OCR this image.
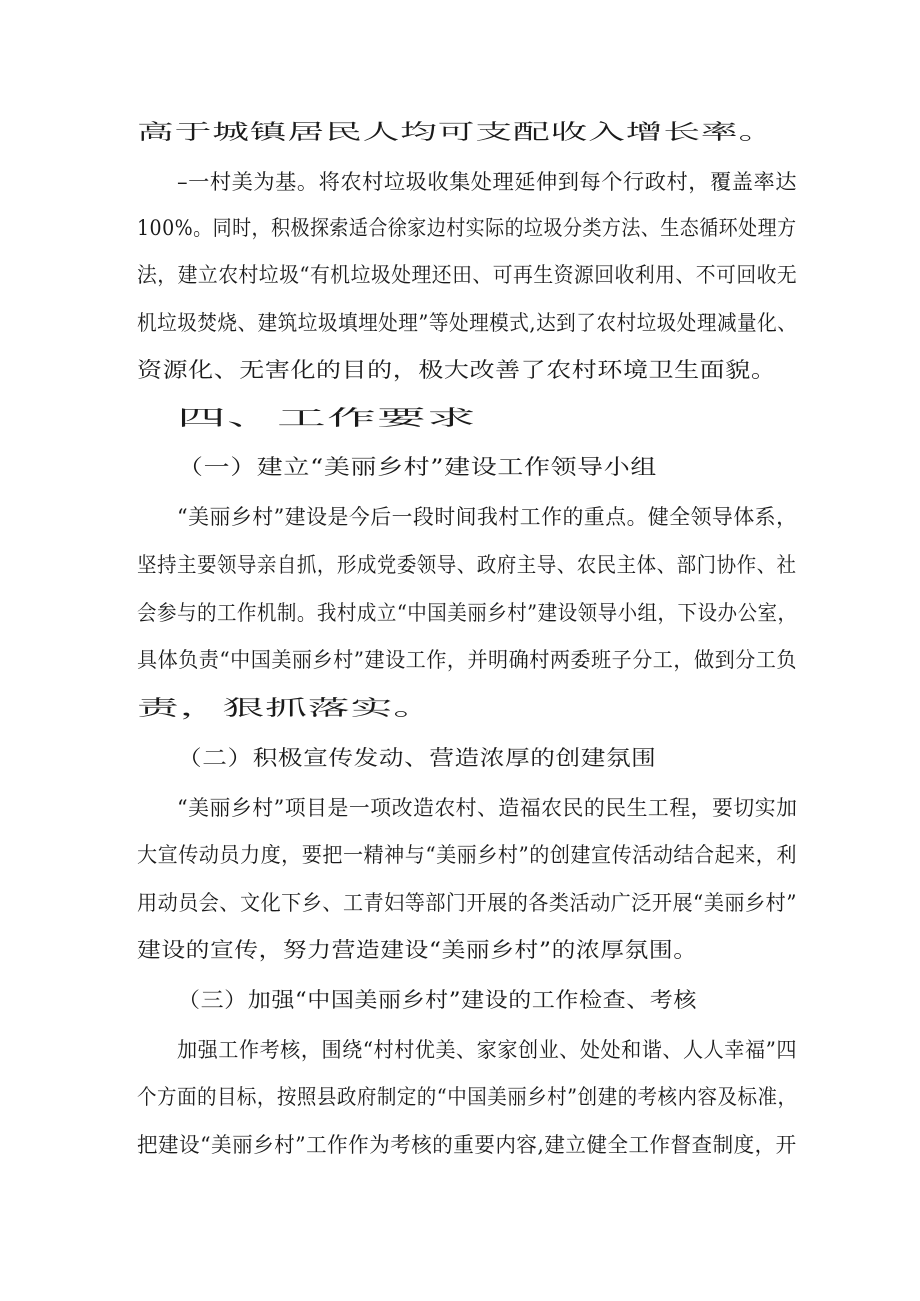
高于城镇居民人均可支配收入增长率。
–一村美为基。将农村垃圾收集处理延伸到每个行政村，覆盖率达
100%。同时，积极探索适合徐家边村实际的垃圾分类方法、生态循环处理方
法，建立农村垃圾“有机垃圾处理还田、可再生资源回收利用、不可回收无
机垃圾焚烧、建筑垃圾填埋处理”等处理模式,达到了农村垃圾处理减量化、
资源化、无害化的目的，极大改善了农村环境卫生面貌。
四、工作要求
（一）建立“美丽乡村”建设工作领导小组
“美丽乡村”建设是今后一段时间我村工作的重点。健全领导体系，
坚持主要领导亲自抓，形成党委领导、政府主导、农民主体、部门协作、社
会参与的工作机制。我村成立“中国美丽乡村”建设领导小组，下设办公室，
具体负责“中国美丽乡村”建设工作，并明确村两委班子分工，做到分工负
责，狠抓落实。
（二）积极宣传发动、营造浓厚的创建氛围
“美丽乡村”项目是一项改造农村、造福农民的民生工程，要切实加
大宣传动员力度，要把一精神与“美丽乡村”的创建宣传活动结合起来，利
用动员会、文化下乡、工青妇等部门开展的各类活动广泛开展“美丽乡村”
建设的宣传，努力营造建设“美丽乡村”的浓厚氛围。
（三）加强“中国美丽乡村”建设的工作检查、考核
加强工作考核，围绕“村村优美、家家创业、处处和谐、人人幸福”四
个方面的目标，按照县政府制定的“中国美丽乡村”创建的考核内容及标准，
把建设“美丽乡村”工作作为考核的重要内容,建立健全工作督查制度，开
